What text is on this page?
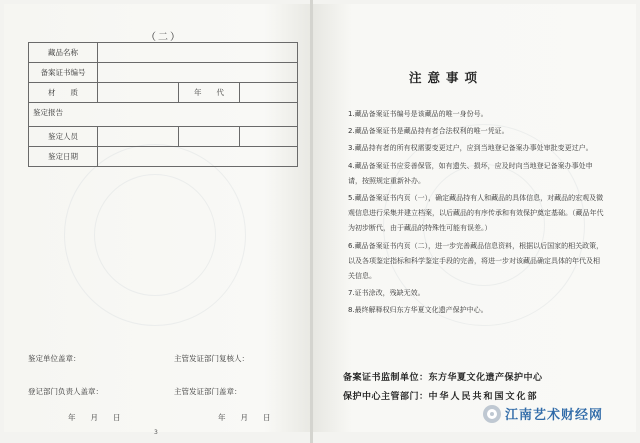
（二）
藏品名称			
备案证书编号			
材　　质		年　　代	
鉴定报告			
鉴定人员			
鉴定日期			
鉴定单位盖章：	主管发证部门复核人：
登记部门负责人盖章：	主管发证部门盖章：
年　　月　　日	年　　月　　日
3
注意事项

1.藏品备案证书编号是该藏品的唯一身份号。

2.藏品备案证书是藏品持有者合法权利的唯一凭证。

3.藏品持有者的所有权需要变更过户，应到当地登记备案办事处审批变更过户。

4.藏品备案证书应妥善保管，如有遗失、损坏，应及时向当地登记备案办事处申请，按照规定重新补办。

5.藏品备案证书内页（一），确定藏品持有人和藏品的具体信息，对藏品的宏观及微观信息进行采集并建立档案，以后藏品的有序传承和有效保护奠定基础。（藏品年代为初步断代，由于藏品的特殊性可能有误差。）

6.藏品备案证书内页（二），进一步完善藏品信息资料，根据以后国家的相关政策，以及各项鉴定指标和科学鉴定手段的完善，将进一步对该藏品确定具体的年代及相关信息。

7.证书涂改，残缺无效。

8.最终解释权归东方华夏文化遗产保护中心。

备案证书监制单位：东方华夏文化遗产保护中心
保护中心主管部门：中华人民共和国文化部
江南艺术财经网
